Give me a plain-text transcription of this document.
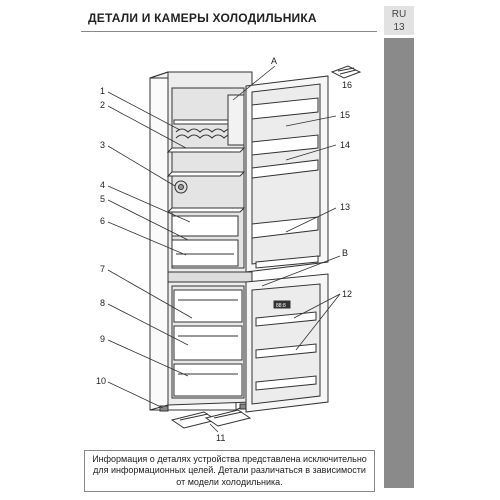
ДЕТАЛИ И КАМЕРЫ ХОЛОДИЛЬНИКА	RU
13
88:8
1
2
3
4
5
6
7
8
9
10
11
12
13
14
15
16
A
B
Информация о деталях устройства представлена исключительно
для информационных целей. Детали различаться в зависимости
от модели холодильника.
